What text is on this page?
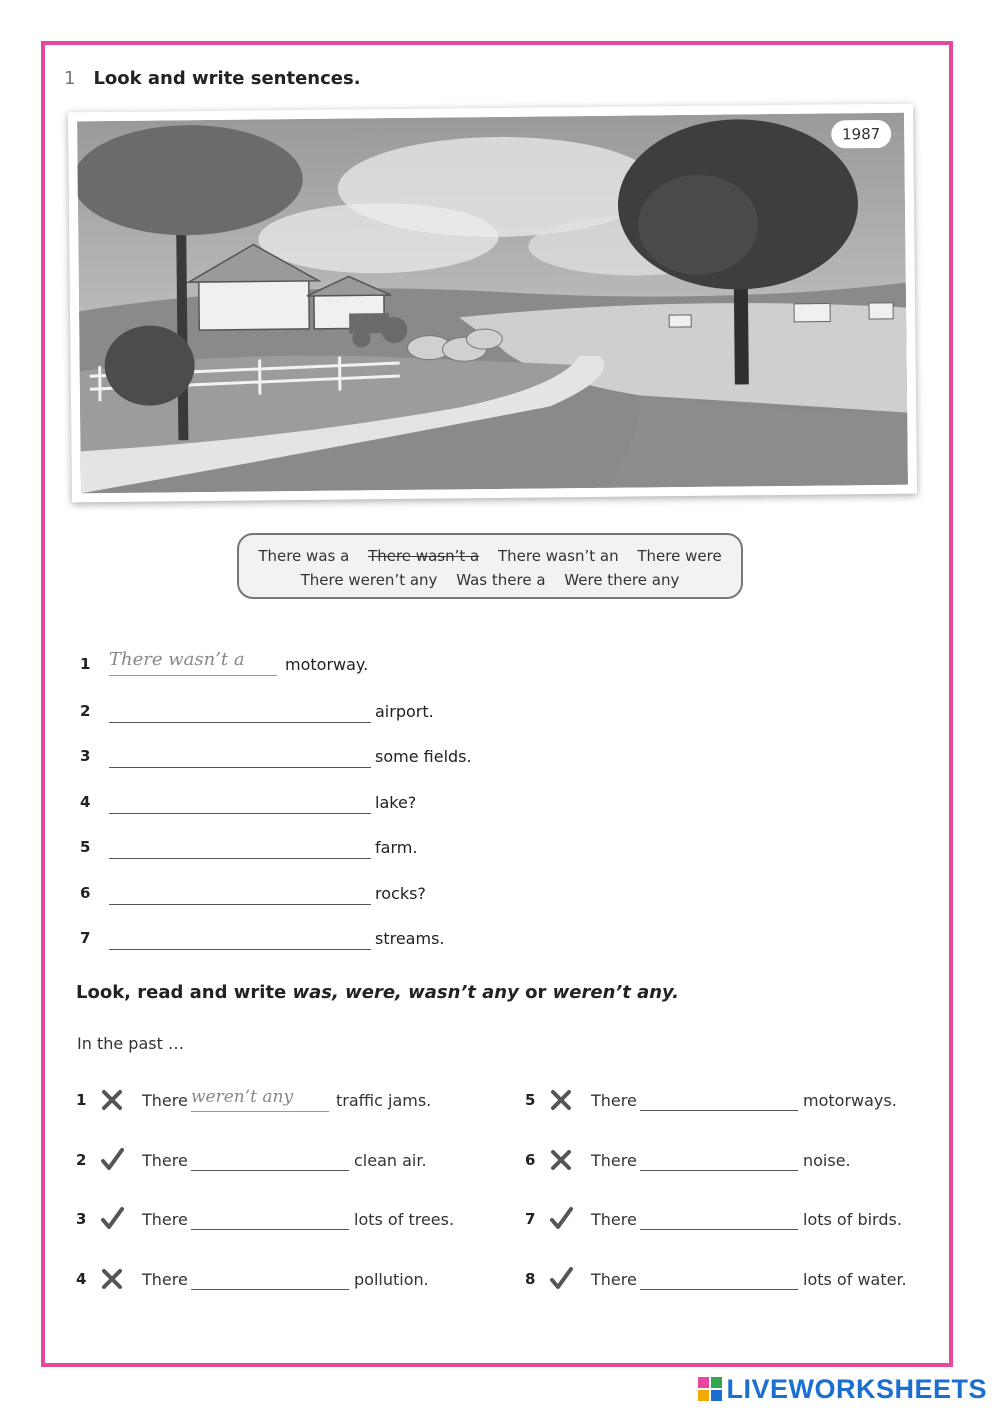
1 Look and write sentences.
1987
There was a There wasn’t a There wasn’t an There were
There weren’t any Was there a Were there any
1 There wasn’t a	motorway.
2	airport.
3	some fields.
4	lake?
5	farm.
6	rocks?
7	streams.
Look, read and write was, were, wasn’t any or weren’t any.
In the past …
1	There weren’t any	traffic jams.
2	There	clean air.
3	There	lots of trees.
4	There	pollution.
5	There	motorways.
6	There	noise.
7	There	lots of birds.
8	There	lots of water.
LIVEWORKSHEETS
